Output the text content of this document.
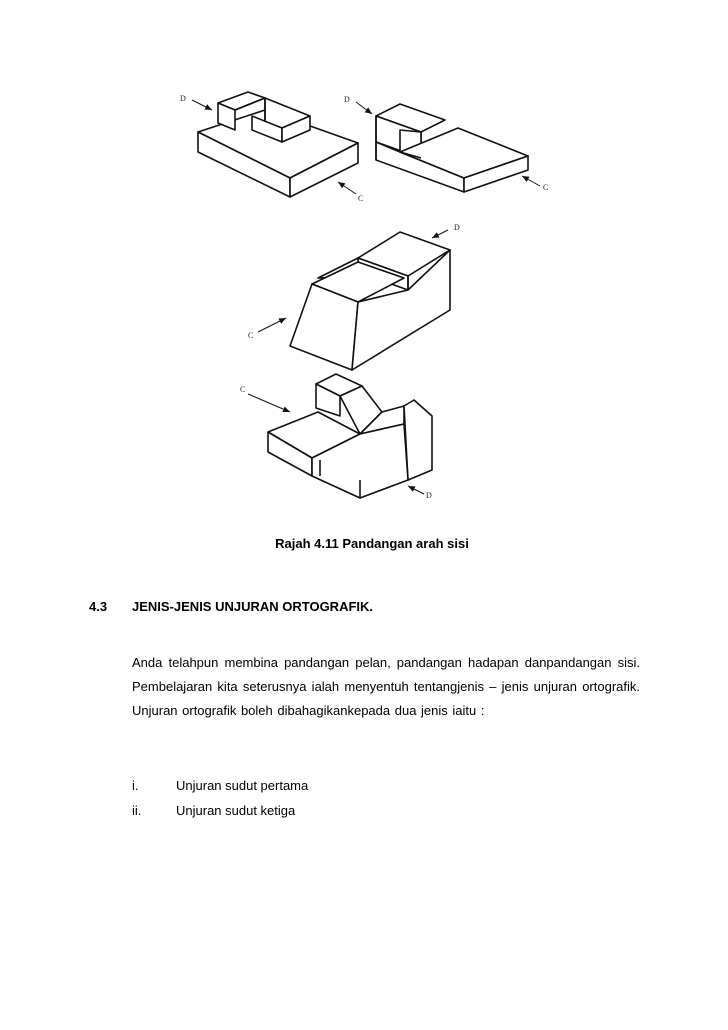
D
C
D
C
D
C
C
D
Rajah 4.11 Pandangan arah sisi
4.3 JENIS-JENIS UNJURAN ORTOGRAFIK.
Anda telahpun membina pandangan pelan, pandangan hadapan danpandangan sisi. Pembelajaran kita seterusnya ialah menyentuh tentangjenis – jenis unjuran ortografik. Unjuran ortografik boleh dibahagikankepada dua jenis iaitu :
i.	Unjuran sudut pertama
ii.	Unjuran sudut ketiga
